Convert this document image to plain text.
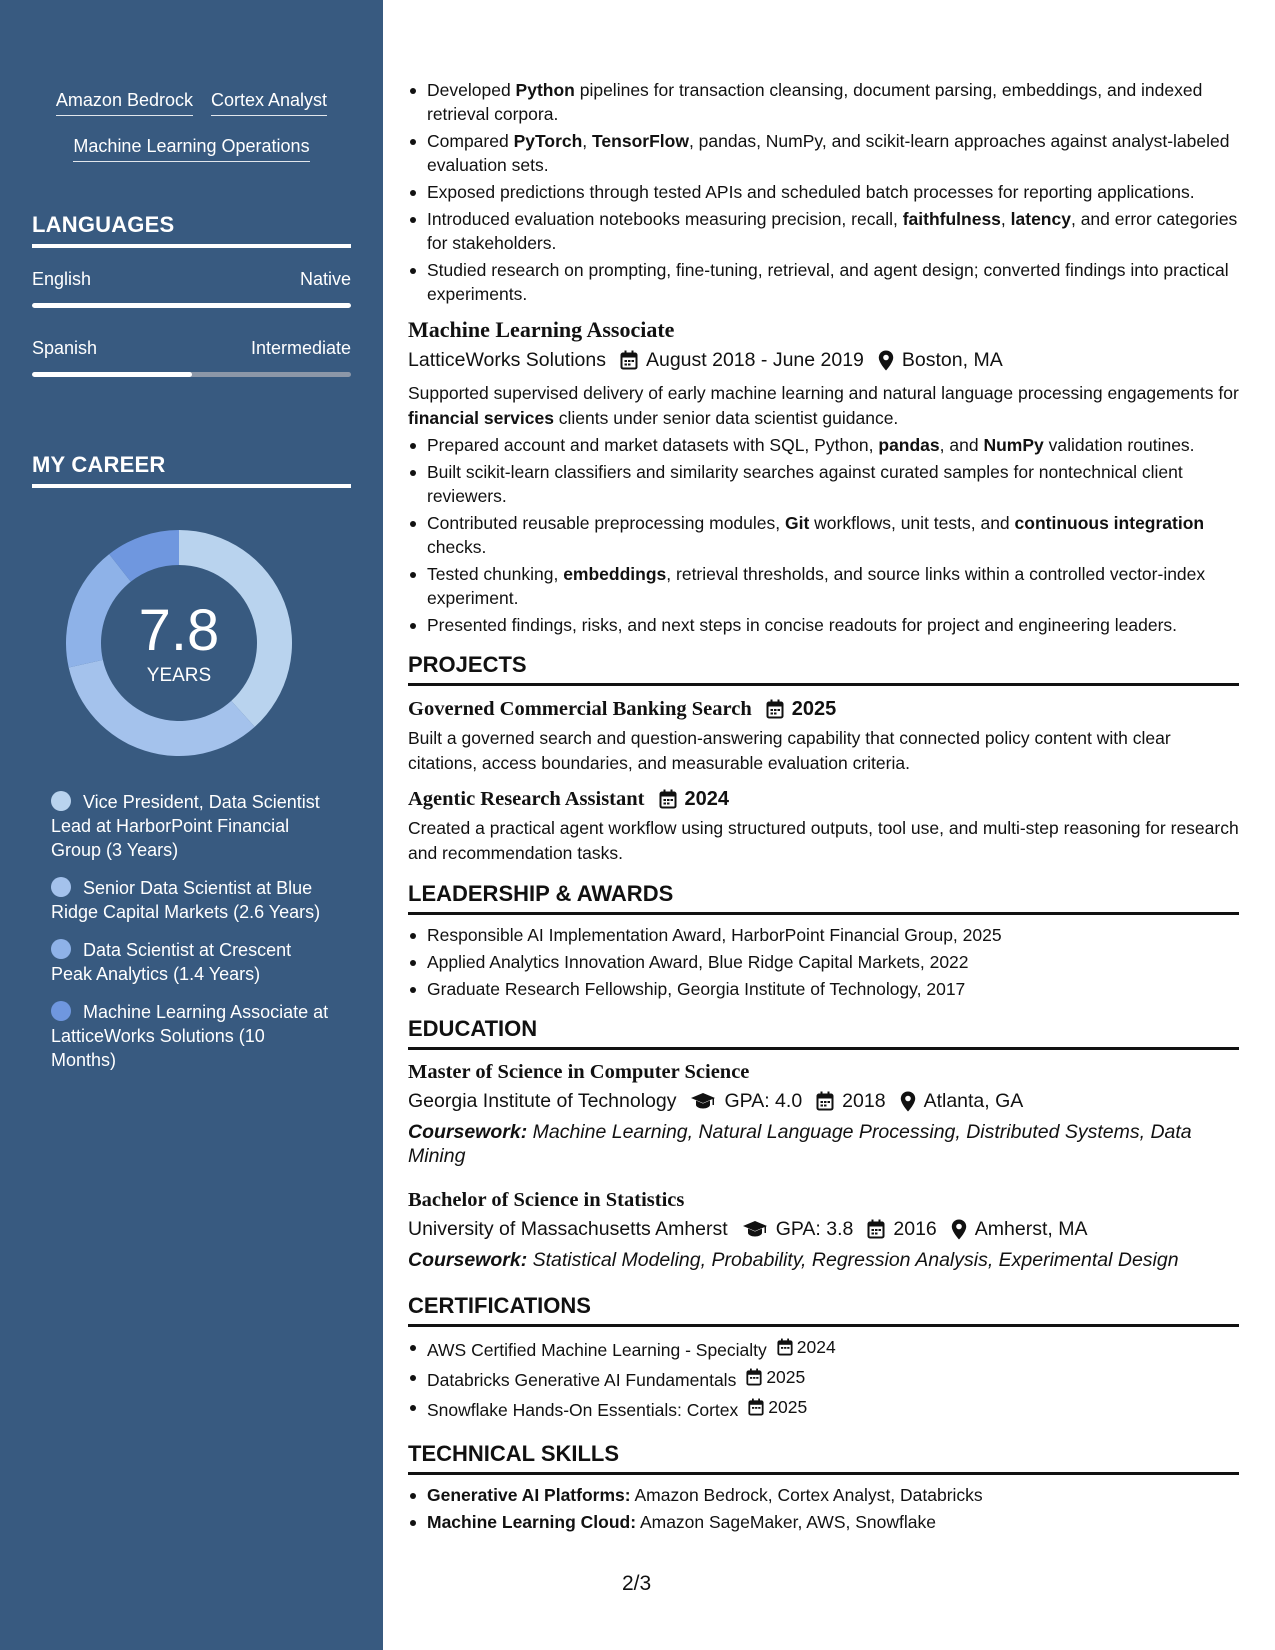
Amazon Bedrock Cortex Analyst
Machine Learning Operations
LANGUAGES
English	Native
Spanish	Intermediate
MY CAREER
7.8
YEARS
Vice President, Data Scientist Lead at HarborPoint Financial Group (3 Years)
Senior Data Scientist at Blue Ridge Capital Markets (2.6 Years)
Data Scientist at Crescent Peak Analytics (1.4 Years)
Machine Learning Associate at LatticeWorks Solutions (10 Months)
Developed Python pipelines for transaction cleansing, document parsing, embeddings, and indexed retrieval corpora.
Compared PyTorch, TensorFlow, pandas, NumPy, and scikit-learn approaches against analyst-labeled evaluation sets.
Exposed predictions through tested APIs and scheduled batch processes for reporting applications.
Introduced evaluation notebooks measuring precision, recall, faithfulness, latency, and error categories for stakeholders.
Studied research on prompting, fine-tuning, retrieval, and agent design; converted findings into practical experiments.
Machine Learning Associate
LatticeWorks Solutions August 2018 - June 2019 Boston, MA

Supported supervised delivery of early machine learning and natural language processing engagements for financial services clients under senior data scientist guidance.

Prepared account and market datasets with SQL, Python, pandas, and NumPy validation routines.
Built scikit-learn classifiers and similarity searches against curated samples for nontechnical client reviewers.
Contributed reusable preprocessing modules, Git workflows, unit tests, and continuous integration checks.
Tested chunking, embeddings, retrieval thresholds, and source links within a controlled vector-index experiment.
Presented findings, risks, and next steps in concise readouts for project and engineering leaders.
PROJECTS
Governed Commercial Banking Search 2025

Built a governed search and question-answering capability that connected policy content with clear citations, access boundaries, and measurable evaluation criteria.

Agentic Research Assistant 2024

Created a practical agent workflow using structured outputs, tool use, and multi-step reasoning for research and recommendation tasks.

LEADERSHIP & AWARDS
Responsible AI Implementation Award, HarborPoint Financial Group, 2025
Applied Analytics Innovation Award, Blue Ridge Capital Markets, 2022
Graduate Research Fellowship, Georgia Institute of Technology, 2017
EDUCATION
Master of Science in Computer Science
Georgia Institute of Technology GPA: 4.0 2018 Atlanta, GA
Coursework: Machine Learning, Natural Language Processing, Distributed Systems, Data Mining
Bachelor of Science in Statistics
University of Massachusetts Amherst GPA: 3.8 2016 Amherst, MA
Coursework: Statistical Modeling, Probability, Regression Analysis, Experimental Design
CERTIFICATIONS
AWS Certified Machine Learning - Specialty 2024
Databricks Generative AI Fundamentals 2025
Snowflake Hands-On Essentials: Cortex 2025
TECHNICAL SKILLS
Generative AI Platforms: Amazon Bedrock, Cortex Analyst, Databricks
Machine Learning Cloud: Amazon SageMaker, AWS, Snowflake
2/3
